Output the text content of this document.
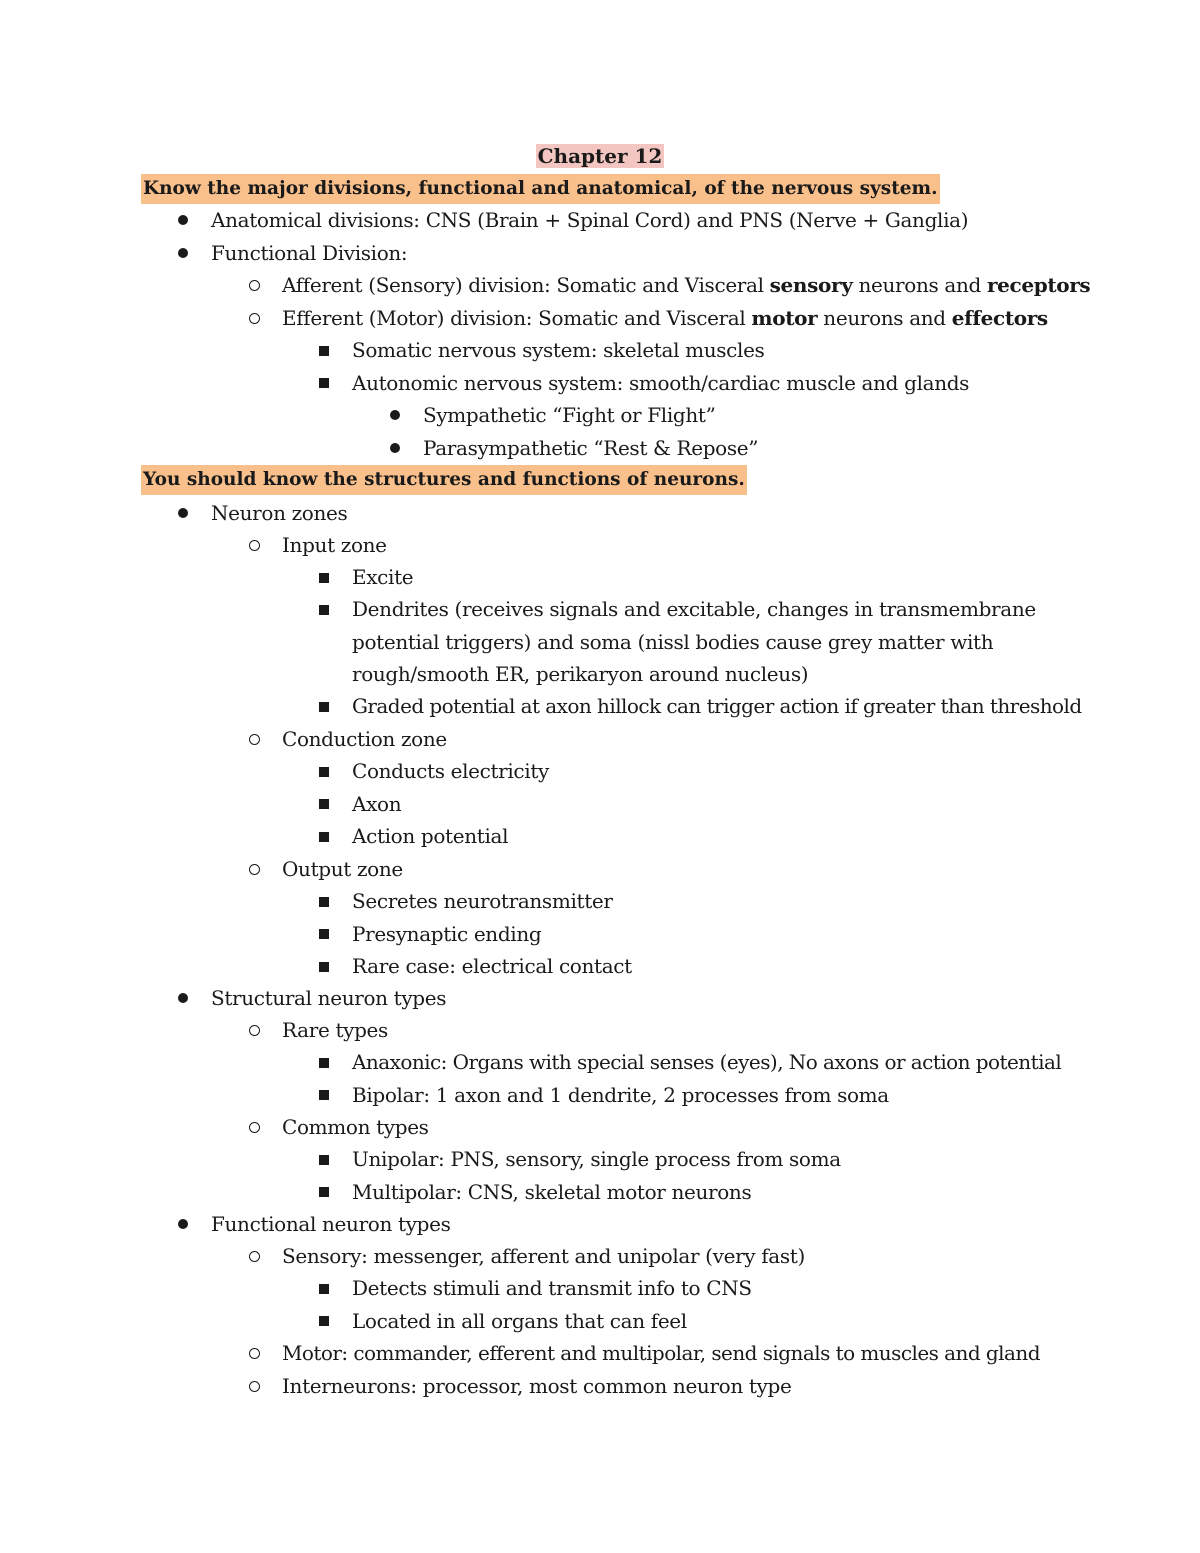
Chapter 12
Know the major divisions, functional and anatomical, of the nervous system.
Anatomical divisions: CNS (Brain + Spinal Cord) and PNS (Nerve + Ganglia)
Functional Division:
Afferent (Sensory) division: Somatic and Visceral sensory neurons and receptors
Efferent (Motor) division: Somatic and Visceral motor neurons and effectors
Somatic nervous system: skeletal muscles
Autonomic nervous system: smooth/cardiac muscle and glands
Sympathetic “Fight or Flight”
Parasympathetic “Rest & Repose”
You should know the structures and functions of neurons.
Neuron zones
Input zone
Excite
Dendrites (receives signals and excitable, changes in transmembrane
potential triggers) and soma (nissl bodies cause grey matter with
rough/smooth ER, perikaryon around nucleus)
Graded potential at axon hillock can trigger action if greater than threshold
Conduction zone
Conducts electricity
Axon
Action potential
Output zone
Secretes neurotransmitter
Presynaptic ending
Rare case: electrical contact
Structural neuron types
Rare types
Anaxonic: Organs with special senses (eyes), No axons or action potential
Bipolar: 1 axon and 1 dendrite, 2 processes from soma
Common types
Unipolar: PNS, sensory, single process from soma
Multipolar: CNS, skeletal motor neurons
Functional neuron types
Sensory: messenger, afferent and unipolar (very fast)
Detects stimuli and transmit info to CNS
Located in all organs that can feel
Motor: commander, efferent and multipolar, send signals to muscles and gland
Interneurons: processor, most common neuron type
